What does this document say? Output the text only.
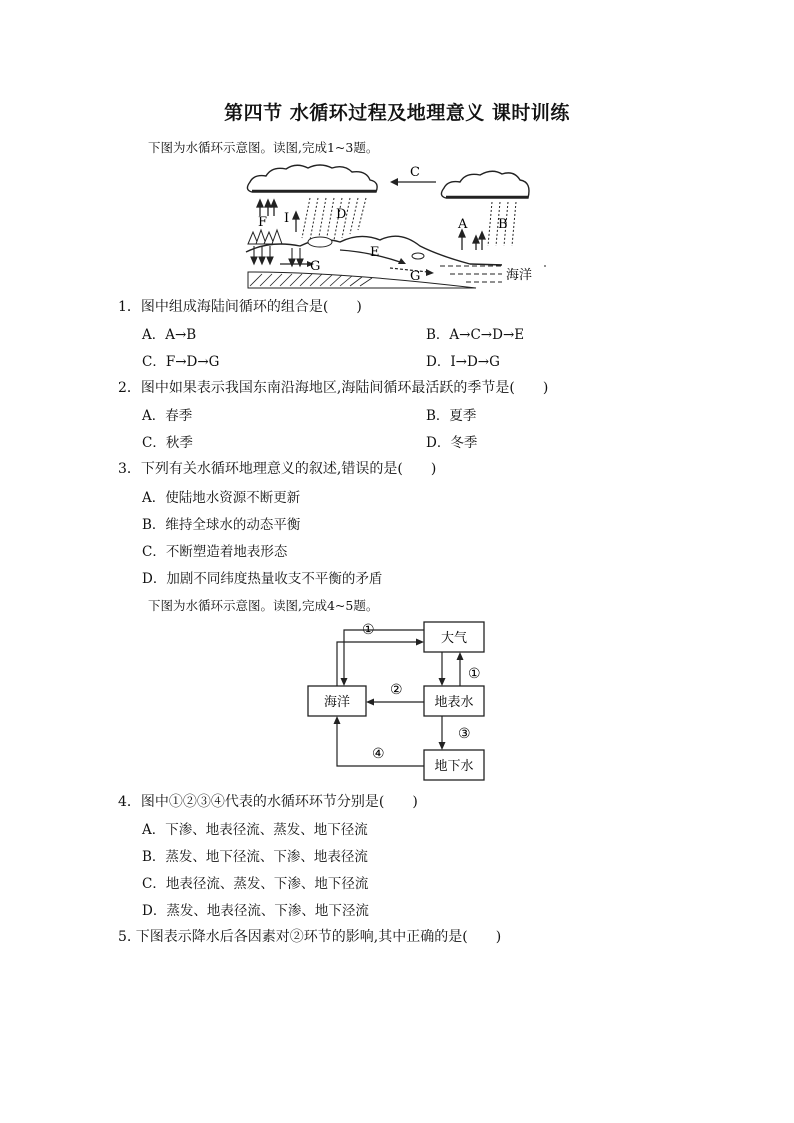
第四节 水循环过程及地理意义 课时训练
下图为水循环示意图。读图,完成1~3题。
C
D
B
A
F I
E
G
G	海洋
1．图中组成海陆间循环的组合是(　　)
A．A→B	B．A→C→D→E
C．F→D→G	D．I→D→G
2．图中如果表示我国东南沿海地区,海陆间循环最活跃的季节是(　　)
A．春季	B．夏季
C．秋季	D．冬季
3．下列有关水循环地理意义的叙述,错误的是(　　)
A．使陆地水资源不断更新
B．维持全球水的动态平衡
C．不断塑造着地表形态
D．加剧不同纬度热量收支不平衡的矛盾
下图为水循环示意图。读图,完成4~5题。
大气
海洋	地表水
地下水
①
①
②
③
④
4．图中①②③④代表的水循环环节分别是(　　)
A．下渗、地表径流、蒸发、地下径流
B．蒸发、地下径流、下渗、地表径流
C．地表径流、蒸发、下渗、地下径流
D．蒸发、地表径流、下渗、地下泾流
5. 下图表示降水后各因素对②环节的影响,其中正确的是(　　)
